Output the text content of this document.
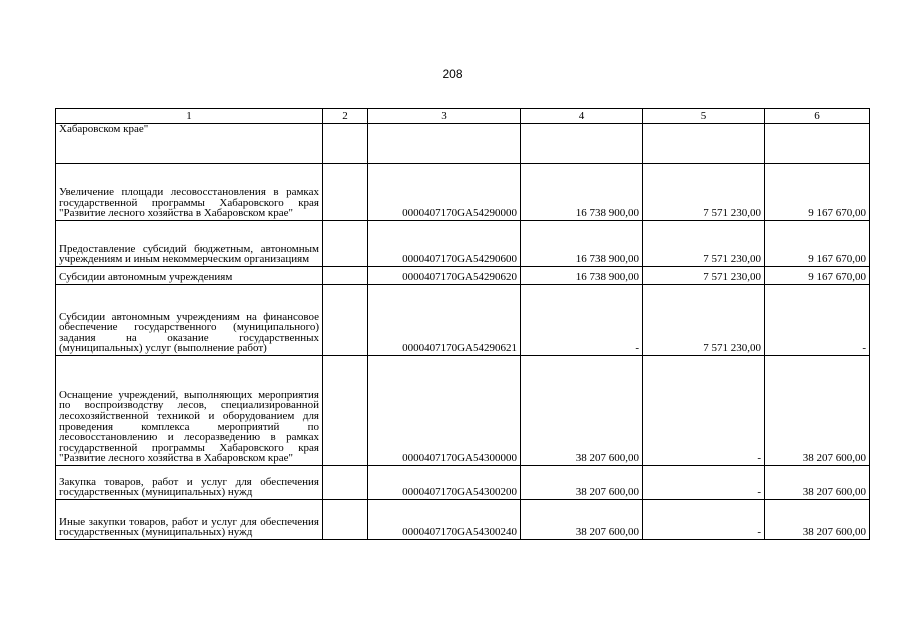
208
1	2	3	4	5	6
Хабаровском крае"					
Увеличение площади лесовосстановления в рамках государственной программы Хабаровского края "Развитие лесного хозяйства в Хабаровском крае"		0000407170GA54290000	16 738 900,00	7 571 230,00	9 167 670,00
Предоставление субсидий бюджетным, автономным учреждениям и иным некоммерческим организациям		0000407170GA54290600	16 738 900,00	7 571 230,00	9 167 670,00
Субсидии автономным учреждениям		0000407170GA54290620	16 738 900,00	7 571 230,00	9 167 670,00
Субсидии автономным учреждениям на финансовое обеспечение государственного (муниципального) задания на оказание государственных (муниципальных) услуг (выполнение работ)		0000407170GA54290621	-	7 571 230,00	-
Оснащение учреждений, выполняющих мероприятия по воспроизводству лесов, специализированной лесохозяйственной техникой и оборудованием для проведения комплекса мероприятий по лесовосстановлению и лесоразведению в рамках государственной программы Хабаровского края "Развитие лесного хозяйства в Хабаровском крае"		0000407170GA54300000	38 207 600,00	-	38 207 600,00
Закупка товаров, работ и услуг для обеспечения государственных (муниципальных) нужд		0000407170GA54300200	38 207 600,00	-	38 207 600,00
Иные закупки товаров, работ и услуг для обеспечения государственных (муниципальных) нужд		0000407170GA54300240	38 207 600,00	-	38 207 600,00
